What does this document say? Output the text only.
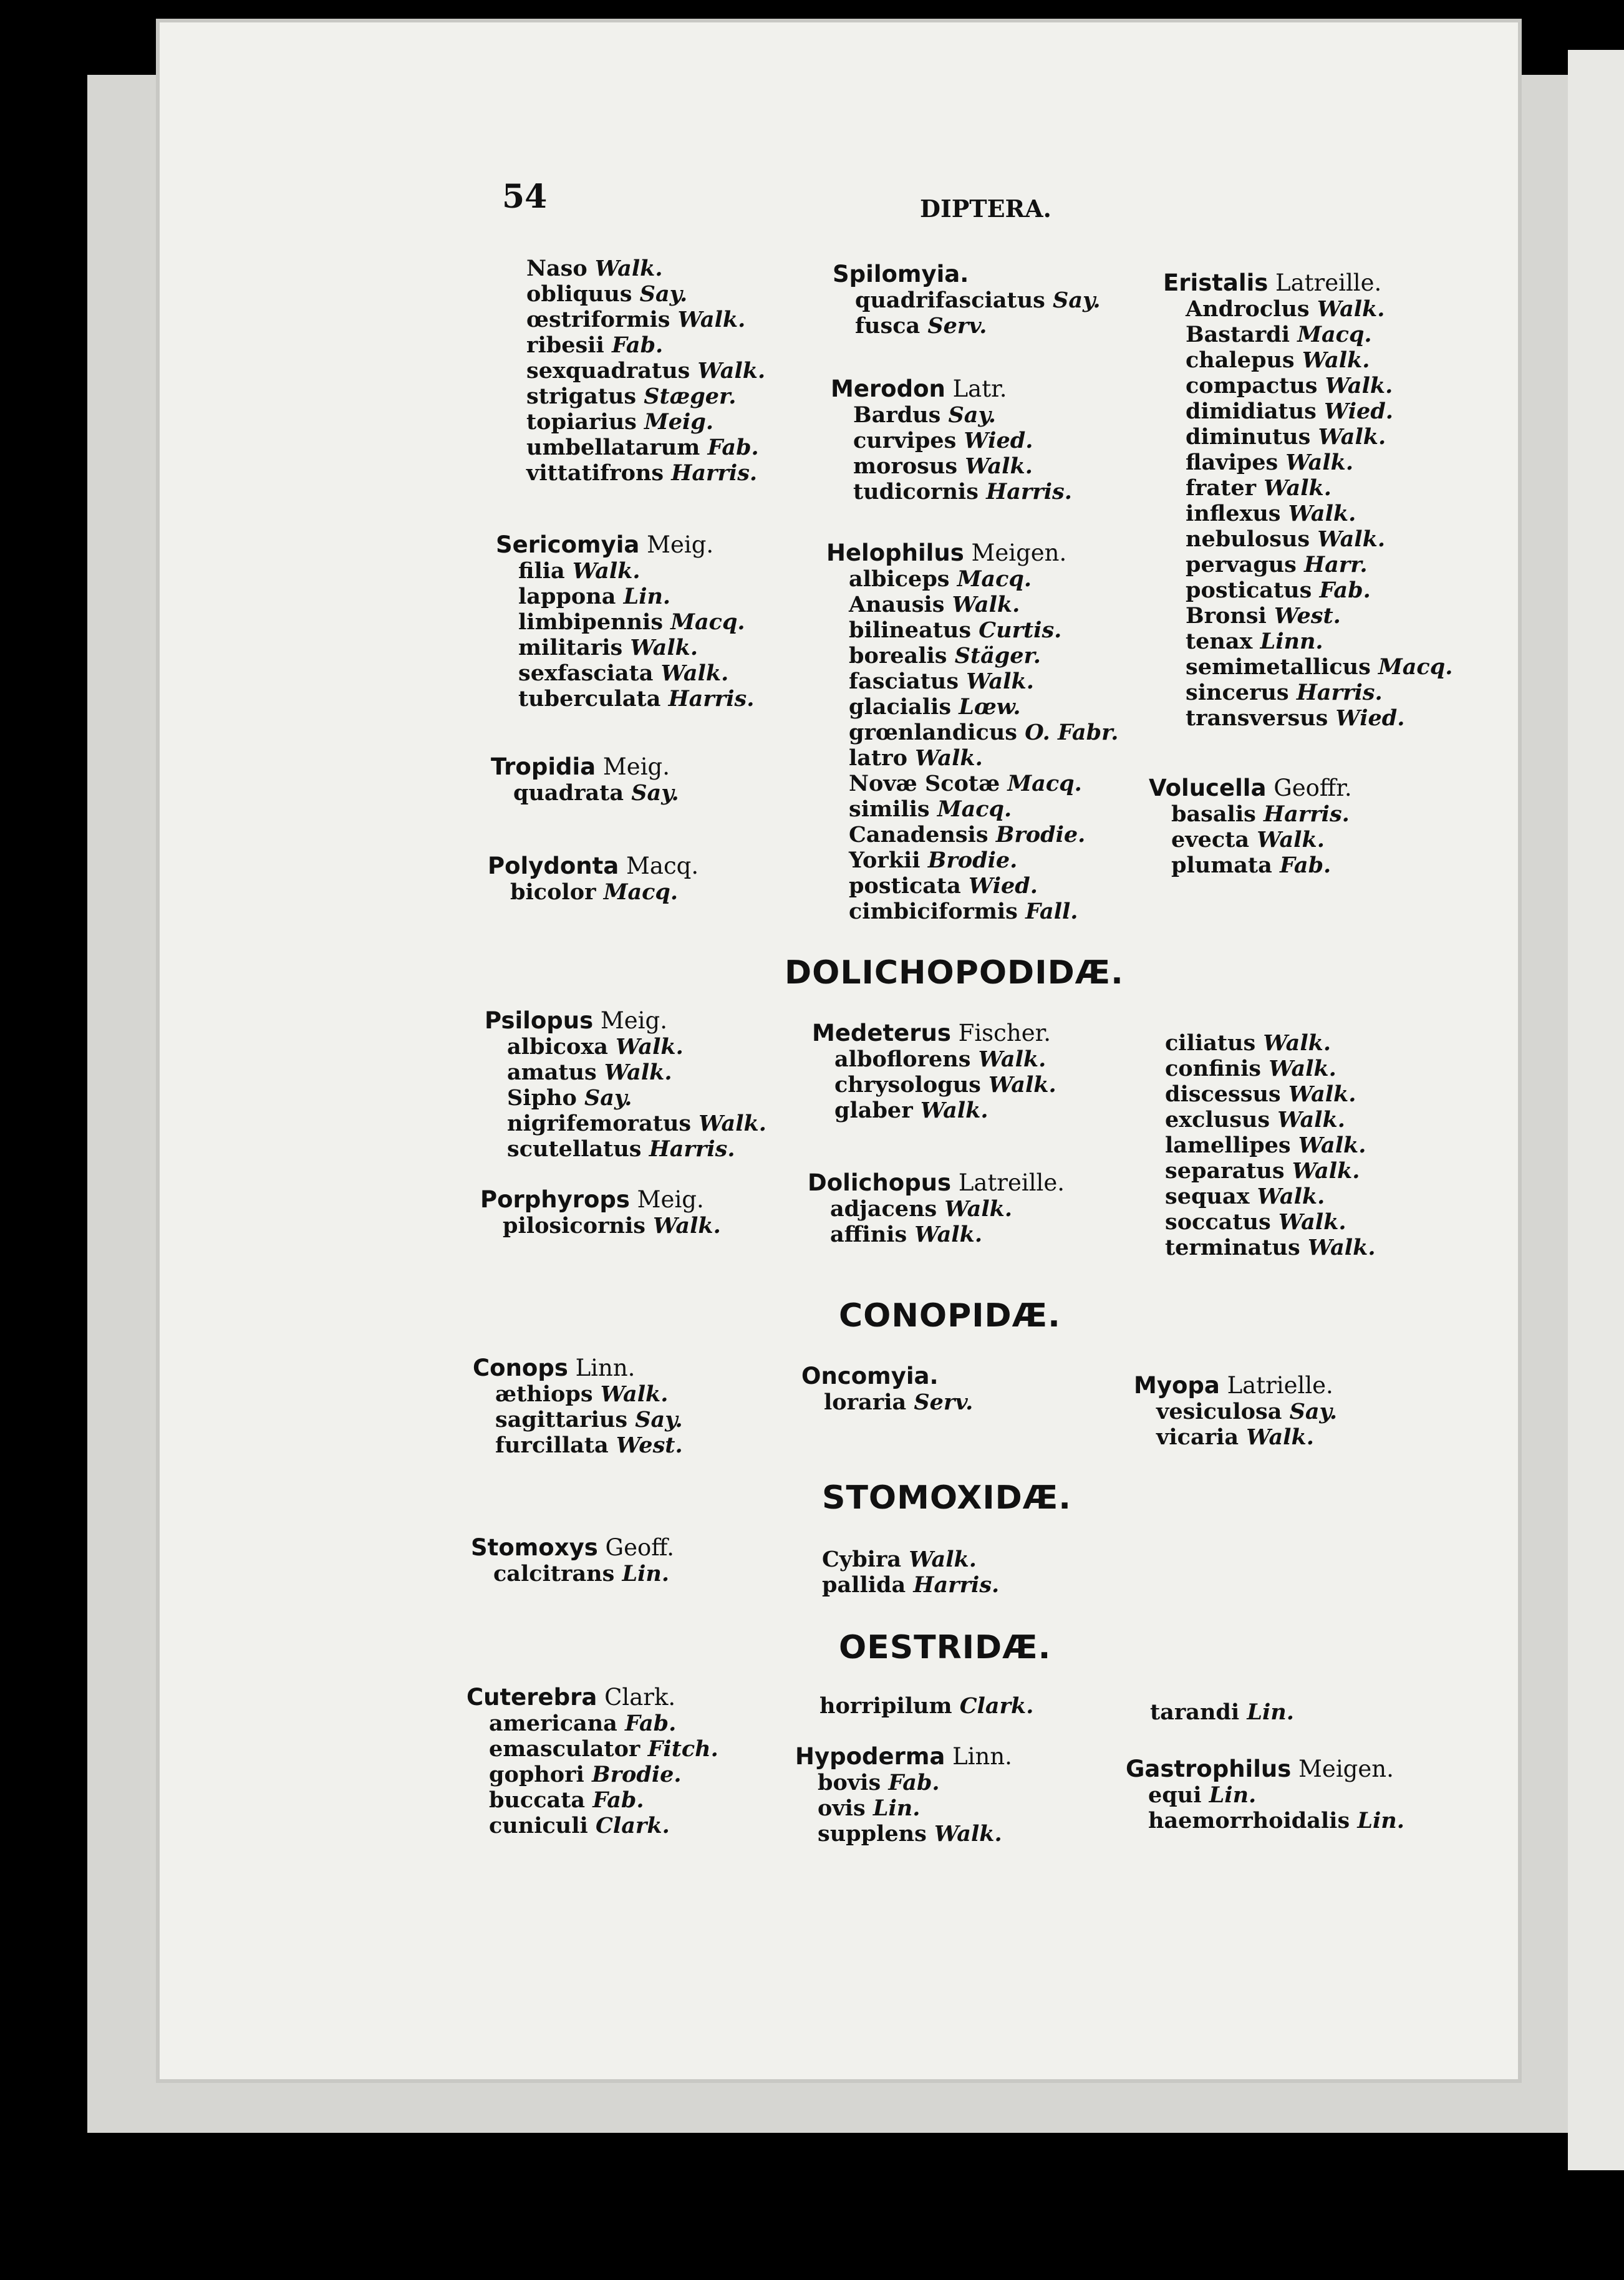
54	DIPTERA.
Naso Walk.
obliquus Say.
œstriformis Walk.
ribesii Fab.
sexquadratus Walk.
strigatus Stæger.
topiarius Meig.
umbellatarum Fab.
vittatifrons Harris.
Sericomyia Meig.
filia Walk.
lappona Lin.
limbipennis Macq.
militaris Walk.
sexfasciata Walk.
tuberculata Harris.
Tropidia Meig.
quadrata Say.
Polydonta Macq.
bicolor Macq.
Psilopus Meig.
albicoxa Walk.
amatus Walk.
Sipho Say.
nigrifemoratus Walk.
scutellatus Harris.
Porphyrops Meig.
pilosicornis Walk.
Conops Linn.
æthiops Walk.
sagittarius Say.
furcillata West.
Stomoxys Geoff.
calcitrans Lin.
Cuterebra Clark.
americana Fab.
emasculator Fitch.
gophori Brodie.
buccata Fab.
cuniculi Clark.
Spilomyia.
quadrifasciatus Say.
fusca Serv.
Merodon Latr.
Bardus Say.
curvipes Wied.
morosus Walk.
tudicornis Harris.
Helophilus Meigen.
albiceps Macq.
Anausis Walk.
bilineatus Curtis.
borealis Stäger.
fasciatus Walk.
glacialis Lœw.
grœnlandicus O. Fabr.
latro Walk.
Novæ Scotæ Macq.
similis Macq.
Canadensis Brodie.
Yorkii Brodie.
posticata Wied.
cimbiciformis Fall.
Medeterus Fischer.
alboflorens Walk.
chrysologus Walk.
glaber Walk.
Dolichopus Latreille.
adjacens Walk.
affinis Walk.
Oncomyia.
loraria Serv.
Cybira Walk.
pallida Harris.
horripilum Clark.
Hypoderma Linn.
bovis Fab.
ovis Lin.
supplens Walk.
Eristalis Latreille.
Androclus Walk.
Bastardi Macq.
chalepus Walk.
compactus Walk.
dimidiatus Wied.
diminutus Walk.
flavipes Walk.
frater Walk.
inflexus Walk.
nebulosus Walk.
pervagus Harr.
posticatus Fab.
Bronsi West.
tenax Linn.
semimetallicus Macq.
sincerus Harris.
transversus Wied.
Volucella Geoffr.
basalis Harris.
evecta Walk.
plumata Fab.
ciliatus Walk.
confinis Walk.
discessus Walk.
exclusus Walk.
lamellipes Walk.
separatus Walk.
sequax Walk.
soccatus Walk.
terminatus Walk.
Myopa Latrielle.
vesiculosa Say.
vicaria Walk.
tarandi Lin.
Gastrophilus Meigen.
equi Lin.
haemorrhoidalis Lin.
DOLICHOPODIDÆ.
CONOPIDÆ.
STOMOXIDÆ.
OESTRIDÆ.
